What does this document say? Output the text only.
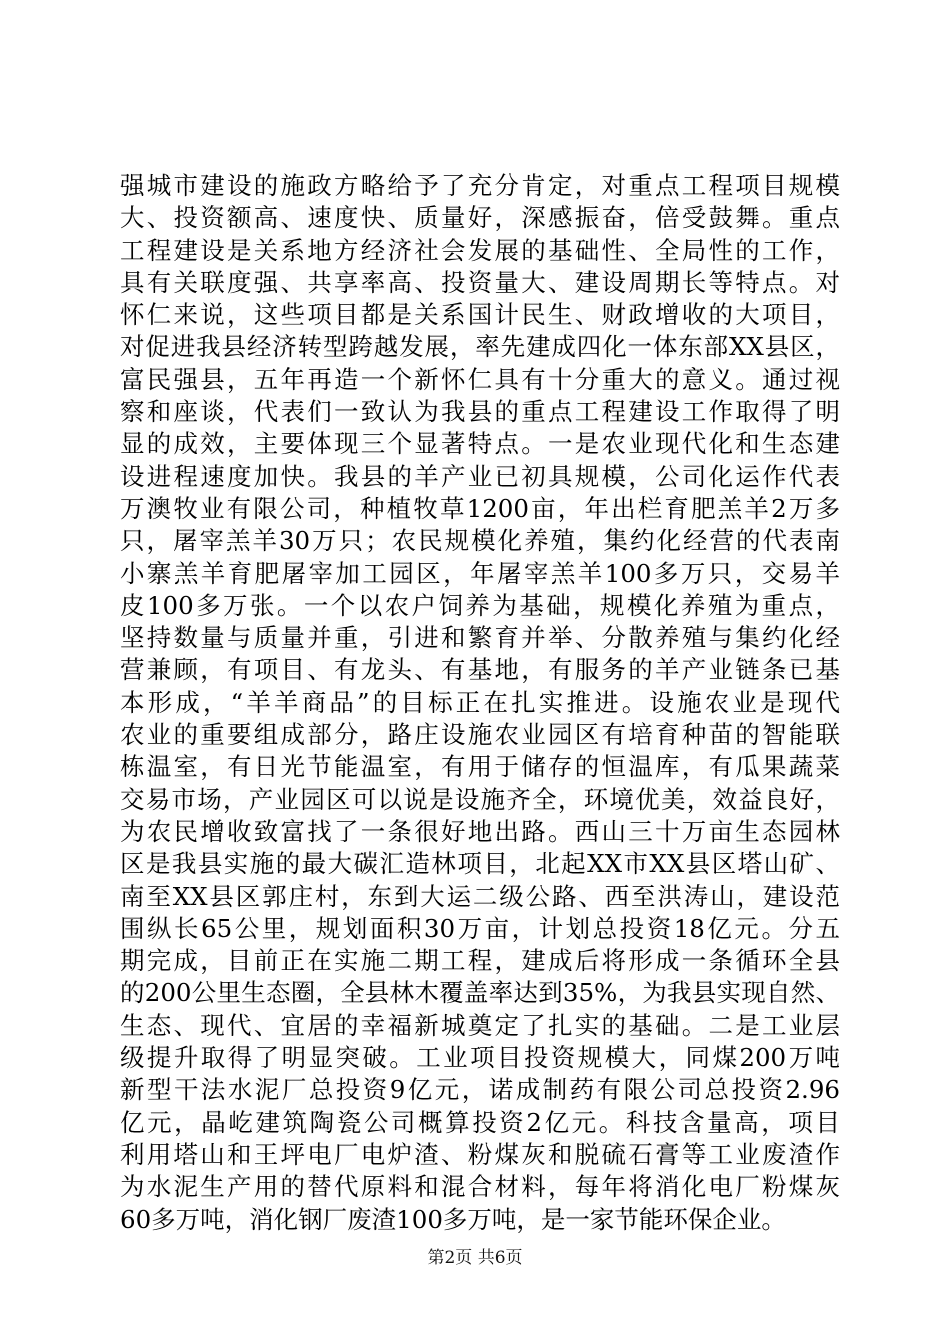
强城市建设的施政方略给予了充分肯定，对重点工程项目规模
大、投资额高、速度快、质量好，深感振奋，倍受鼓舞。重点
工程建设是关系地方经济社会发展的基础性、全局性的工作，
具有关联度强、共享率高、投资量大、建设周期长等特点。对
怀仁来说，这些项目都是关系国计民生、财政增收的大项目，
对促进我县经济转型跨越发展，率先建成四化一体东部XX县区，
富民强县，五年再造一个新怀仁具有十分重大的意义。通过视
察和座谈，代表们一致认为我县的重点工程建设工作取得了明
显的成效，主要体现三个显著特点。一是农业现代化和生态建
设进程速度加快。我县的羊产业已初具规模，公司化运作代表
万澳牧业有限公司，种植牧草1200亩，年出栏育肥羔羊2万多
只，屠宰羔羊30万只；农民规模化养殖，集约化经营的代表南
小寨羔羊育肥屠宰加工园区，年屠宰羔羊100多万只，交易羊
皮100多万张。一个以农户饲养为基础，规模化养殖为重点，
坚持数量与质量并重，引进和繁育并举、分散养殖与集约化经
营兼顾，有项目、有龙头、有基地，有服务的羊产业链条已基
本形成，“羊羊商品”的目标正在扎实推进。设施农业是现代
农业的重要组成部分，路庄设施农业园区有培育种苗的智能联
栋温室，有日光节能温室，有用于储存的恒温库，有瓜果蔬菜
交易市场，产业园区可以说是设施齐全，环境优美，效益良好，
为农民增收致富找了一条很好地出路。西山三十万亩生态园林
区是我县实施的最大碳汇造林项目，北起XX市XX县区塔山矿、
南至XX县区郭庄村，东到大运二级公路、西至洪涛山，建设范
围纵长65公里，规划面积30万亩，计划总投资18亿元。分五
期完成，目前正在实施二期工程，建成后将形成一条循环全县
的200公里生态圈，全县林木覆盖率达到35%，为我县实现自然、
生态、现代、宜居的幸福新城奠定了扎实的基础。二是工业层
级提升取得了明显突破。工业项目投资规模大，同煤200万吨
新型干法水泥厂总投资9亿元，诺成制药有限公司总投资2.96
亿元，晶屹建筑陶瓷公司概算投资2亿元。科技含量高，项目
利用塔山和王坪电厂电炉渣、粉煤灰和脱硫石膏等工业废渣作
为水泥生产用的替代原料和混合材料，每年将消化电厂粉煤灰
60多万吨，消化钢厂废渣100多万吨，是一家节能环保企业。
第2页 共6页
